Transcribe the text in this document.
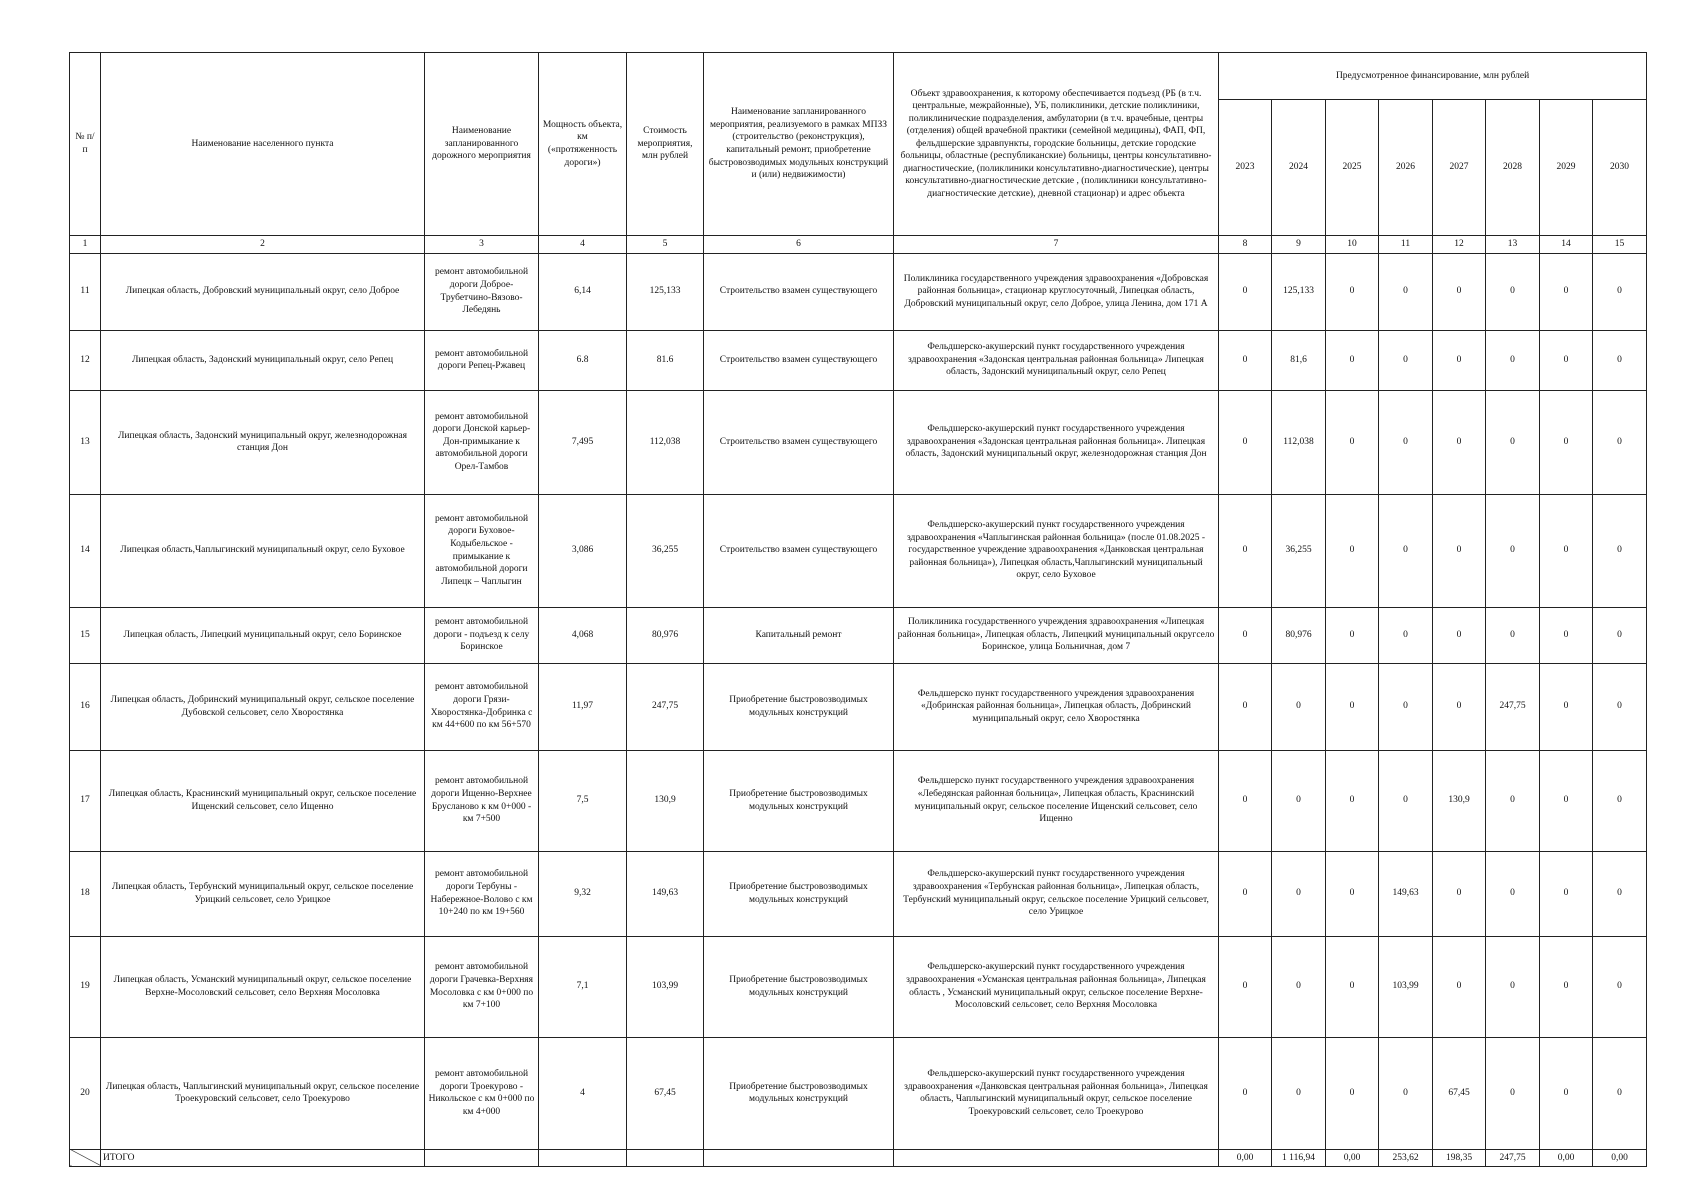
№ п/п	Наименование населенного пункта	Наименование запланированного дорожного мероприятия	Мощность объекта, км («протяженность дороги»)	Стоимость мероприятия, млн рублей	Наименование запланированного мероприятия, реализуемого в рамках МПЗЗ (строительство (реконструкция), капитальный ремонт, приобретение быстровозводимых модульных конструкций и (или) недвижимости)	Объект здравоохранения, к которому обеспечивается подъезд (РБ (в т.ч. центральные, межрайонные), УБ, поликлиники, детские поликлиники, поликлинические подразделения, амбулатории (в т.ч. врачебные, центры (отделения) общей врачебной практики (семейной медицины), ФАП, ФП, фельдшерские здравпункты, городские больницы, детские городские больницы, областные (республиканские) больницы, центры консультативно-диагностические, (поликлиники консультативно-диагностические), центры консультативно-диагностические детские , (поликлиники консультативно-диагностические детские), дневной стационар) и адрес объекта	Предусмотренное финансирование, млн рублей							
							2023	2024	2025	2026	2027	2028	2029	2030
1	2	3	4	5	6	7	8	9	10	11	12	13	14	15
11	Липецкая область, Добровский муниципальный округ, село Доброе	ремонт автомобильной дороги Доброе-Трубетчино-Вязово-Лебедянь	6,14	125,133	Строительство взамен существующего	Поликлиника государственного учреждения здравоохранения «Добровская районная больница», стационар круглосуточный, Липецкая область, Добровский муниципальный округ, село Доброе, улица Ленина, дом 171 А	0	125,133	0	0	0	0	0	0
12	Липецкая область, Задонский муниципальный округ, село Репец	ремонт автомобильной дороги Репец-Ржавец	6.8	81.6	Строительство взамен существующего	Фельдшерско-акушерский пункт государственного учреждения здравоохранения «Задонская центральная районная больница» Липецкая область, Задонский муниципальный округ, село Репец	0	81,6	0	0	0	0	0	0
13	Липецкая область, Задонский муниципальный округ, железнодорожная станция Дон	ремонт автомобильной дороги Донской карьер-Дон-примыкание к автомобильной дороги Орел-Тамбов	7,495	112,038	Строительство взамен существующего	Фельдшерско-акушерский пункт государственного учреждения здравоохранения «Задонская центральная районная больница». Липецкая область, Задонский муниципальный округ, железнодорожная станция Дон	0	112,038	0	0	0	0	0	0
14	Липецкая область,Чаплыгинский муниципальный округ, село Буховое	ремонт автомобильной дороги Буховое-Кодыбельское - примыкание к автомобильной дороги Липецк – Чаплыгин	3,086	36,255	Строительство взамен существующего	Фельдшерско-акушерский пункт государственного учреждения здравоохранения «Чаплыгинская районная больница» (после 01.08.2025 - государственное учреждение здравоохранения «Данковская центральная районная больница»), Липецкая область,Чаплыгинский муниципальный округ, село Буховое	0	36,255	0	0	0	0	0	0
15	Липецкая область, Липецкий муниципальный округ, село Боринское	ремонт автомобильной дороги - подъезд к селу Боринское	4,068	80,976	Капитальный ремонт	Поликлиника государственного учреждения здравоохранения «Липецкая районная больница», Липецкая область, Липецкий муниципальный округсело Боринское, улица Больничная, дом 7	0	80,976	0	0	0	0	0	0
16	Липецкая область, Добринский муниципальный округ, сельское поселение Дубовской сельсовет, село Хворостянка	ремонт автомобильной дороги Грязи-Хворостянка-Добринка с км 44+600 по км 56+570	11,97	247,75	Приобретение быстровозводимых модульных конструкций	Фельдшерско пункт государственного учреждения здравоохранения «Добринская районная больница», Липецкая область, Добринский муниципальный округ, село Хворостянка	0	0	0	0	0	247,75	0	0
17	Липецкая область, Краснинский муниципальный округ, сельское поселение Ищенский сельсовет, село Ищенно	ремонт автомобильной дороги Ищенно-Верхнее Брусланово к км 0+000 - км 7+500	7,5	130,9	Приобретение быстровозводимых модульных конструкций	Фельдшерско пункт государственного учреждения здравоохранения «Лебедянская районная больница», Липецкая область, Краснинский муниципальный округ, сельское поселение Ищенский сельсовет, село Ищенно	0	0	0	0	130,9	0	0	0
18	Липецкая область, Тербунский муниципальный округ, сельское поселение Урицкий сельсовет, село Урицкое	ремонт автомобильной дороги Тербуны - Набережное-Волово с км 10+240 по км 19+560	9,32	149,63	Приобретение быстровозводимых модульных конструкций	Фельдшерско-акушерский пункт государственного учреждения здравоохранения «Тербунская районная больница», Липецкая область, Тербунский муниципальный округ, сельское поселение Урицкий сельсовет, село Урицкое	0	0	0	149,63	0	0	0	0
19	Липецкая область, Усманский муниципальный округ, сельское поселение Верхне-Мосоловский сельсовет, село Верхняя Мосоловка	ремонт автомобильной дороги Грачевка-Верхняя Мосоловка с км 0+000 по км 7+100	7,1	103,99	Приобретение быстровозводимых модульных конструкций	Фельдшерско-акушерский пункт государственного учреждения здравоохранения «Усманская центральная районная больница», Липецкая область , Усманский муниципальный округ, сельское поселение Верхне-Мосоловский сельсовет, село Верхняя Мосоловка	0	0	0	103,99	0	0	0	0
20	Липецкая область, Чаплыгинский муниципальный округ, сельское поселение Троекуровский сельсовет, село Троекурово	ремонт автомобильной дороги Троекурово - Никольское с км 0+000 по км 4+000	4	67,45	Приобретение быстровозводимых модульных конструкций	Фельдшерско-акушерский пункт государственного учреждения здравоохранения «Данковская центральная районная больница», Липецкая область, Чаплыгинский муниципальный округ, сельское поселение Троекуровский сельсовет, село Троекурово	0	0	0	0	67,45	0	0	0
	ИТОГО						0,00	1 116,94	0,00	253,62	198,35	247,75	0,00	0,00
